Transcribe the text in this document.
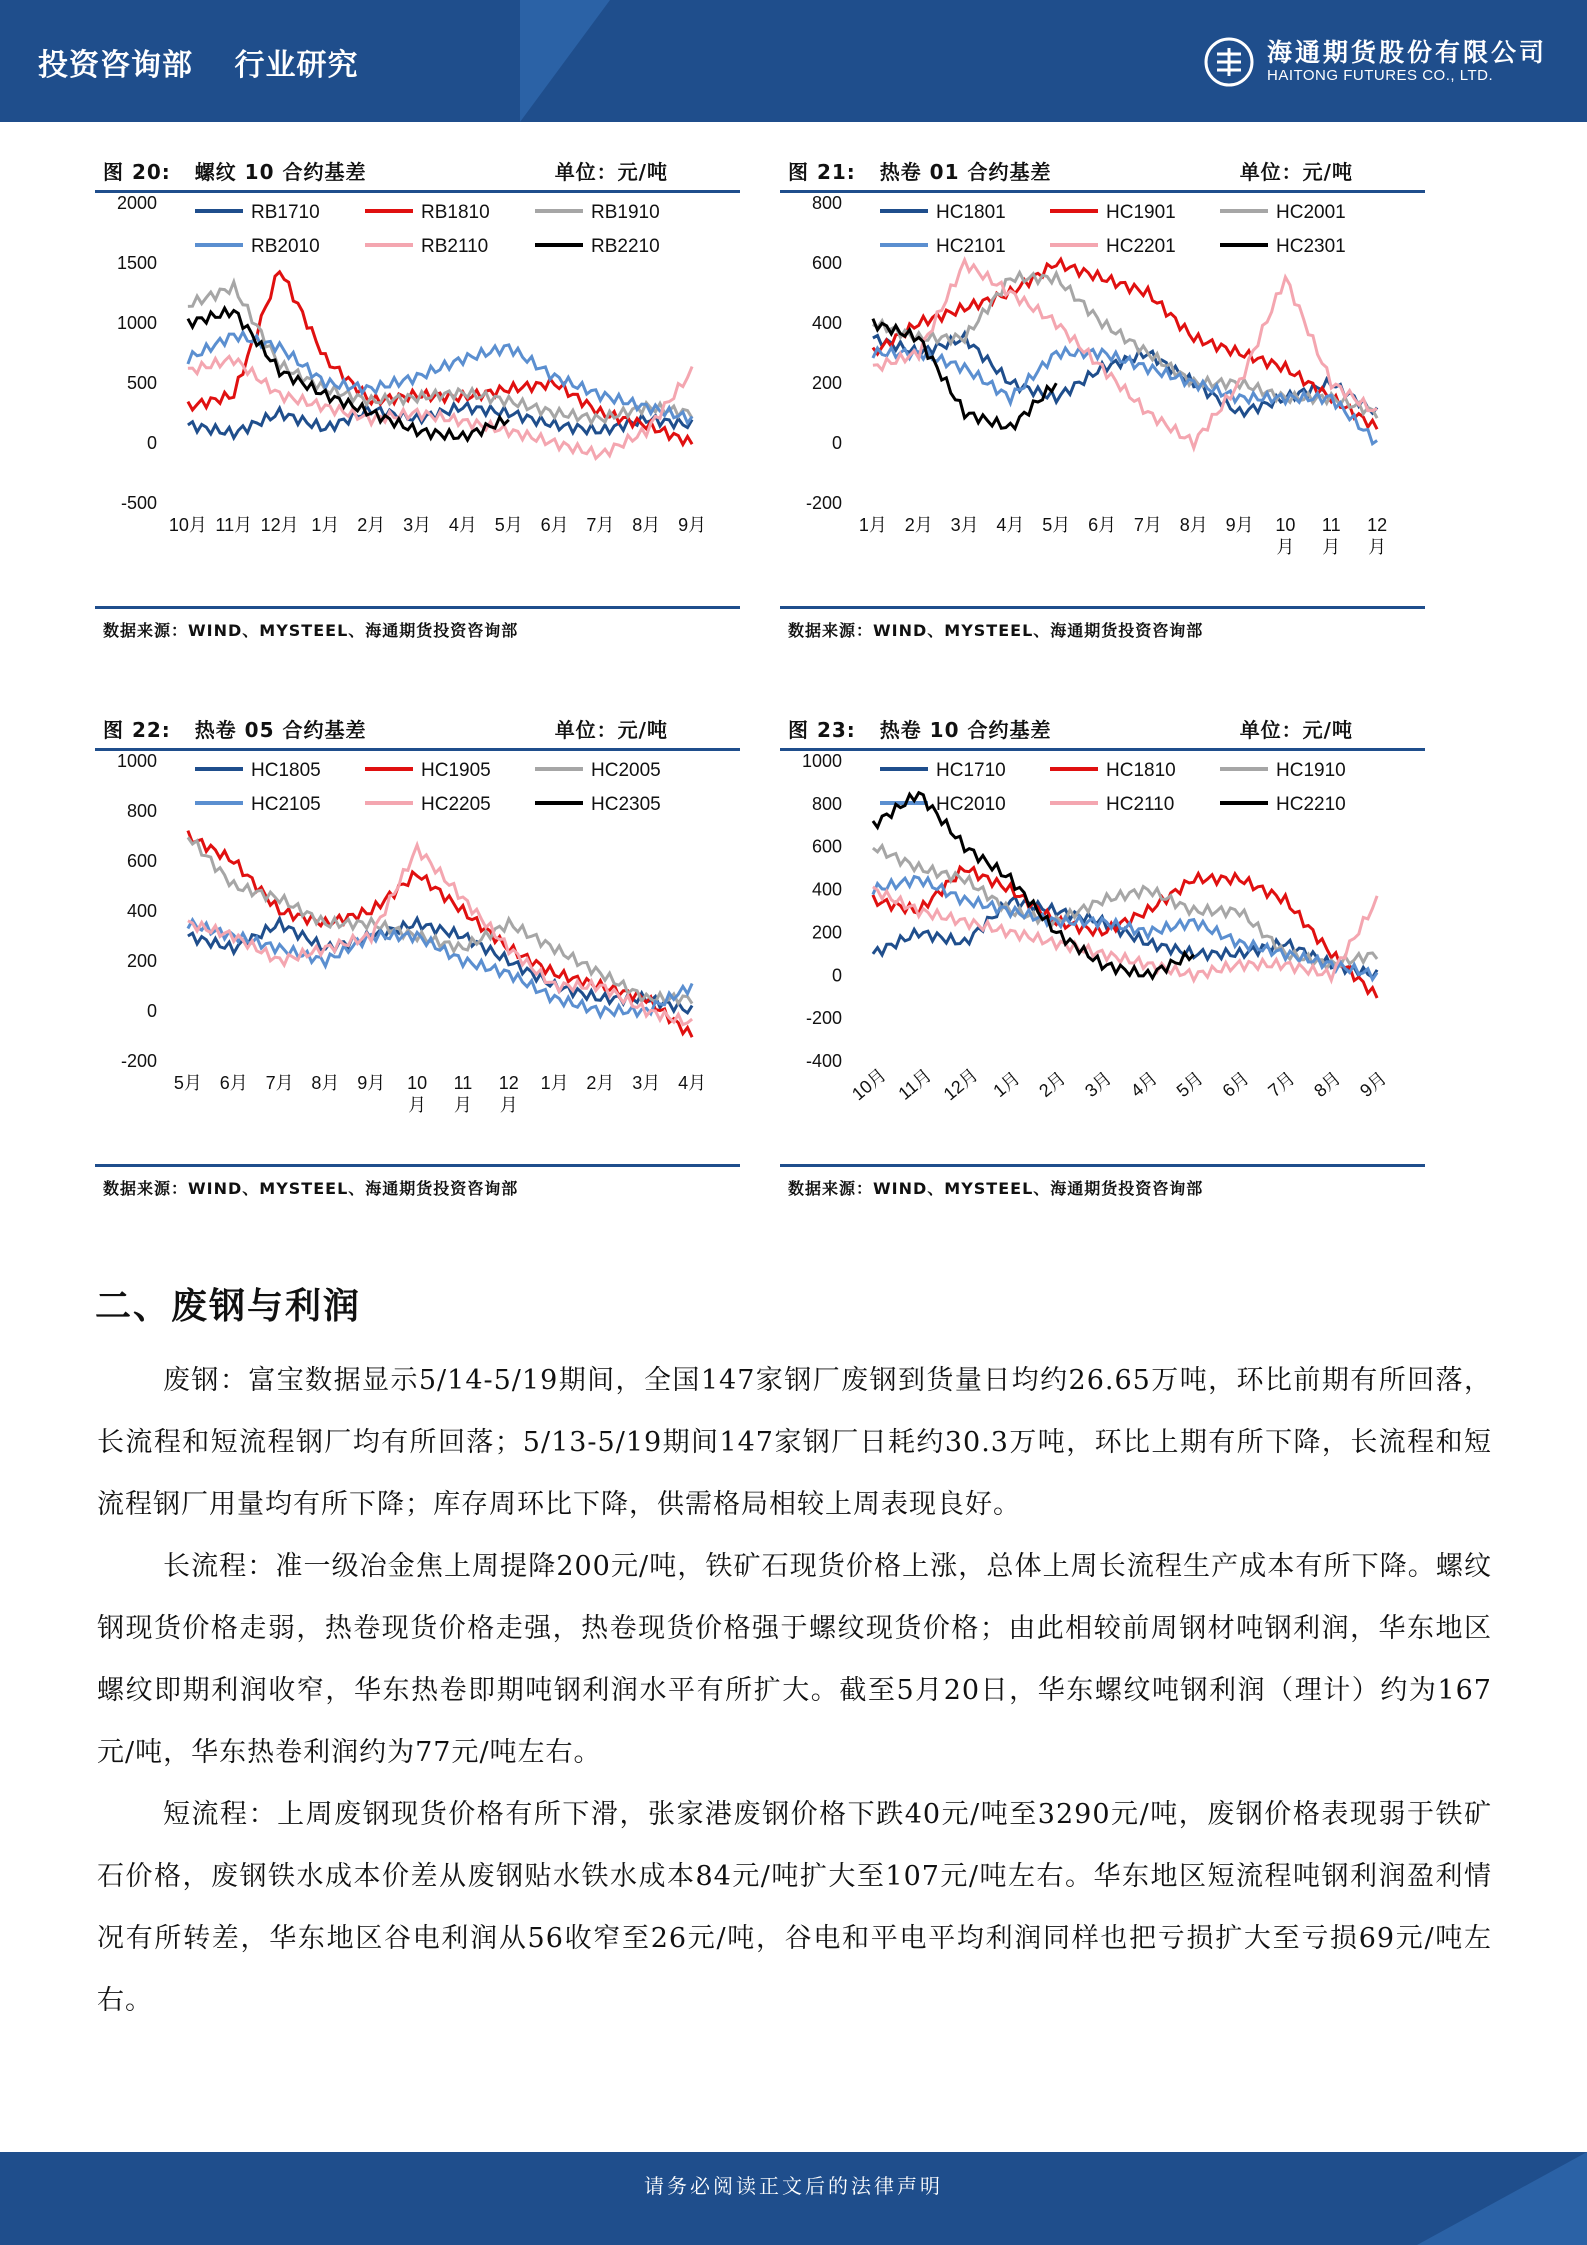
投资咨询部 行业研究	海通期货股份有限公司
HAITONG FUTURES CO., LTD.
图 20: 螺纹 10 合约基差	单位：元/吨
2000
1500
1000
500
0
-500
10月 11月 12月 1月 2月 3月 4月 5月 6月 7月 8月 9月
RB1710	RB1810	RB1910
RB2010	RB2110	RB2210
数据来源：WIND、MYSTEEL、海通期货投资咨询部
图 21: 热卷 01 合约基差	单位：元/吨
800
600
400
200
0
-200
1月 2月 3月 4月 5月 6月 7月 8月 9月 10 月
11 月
12 月
HC1801	HC1901	HC2001
HC2101	HC2201	HC2301
数据来源：WIND、MYSTEEL、海通期货投资咨询部
图 22: 热卷 05 合约基差	单位：元/吨
1000
800
600
400
200
0
-200
5月 6月 7月 8月 9月 10 月
11 月
12 月
1月 2月 3月 4月
HC1805	HC1905	HC2005
HC2105	HC2205	HC2305
数据来源：WIND、MYSTEEL、海通期货投资咨询部
图 23: 热卷 10 合约基差	单位：元/吨
1000
800
600
400
200
0
-200
-400
10月 11月 12月 1月 2月 3月 4月 5月 6月 7月 8月 9月
HC1710	HC1810	HC1910
HC2010	HC2110	HC2210
数据来源：WIND、MYSTEEL、海通期货投资咨询部
二、废钢与利润

废钢：富宝数据显示5/14-5/19期间，全国147家钢厂废钢到货量日均约26.65万吨，环比前期有所回落，长流程和短流程钢厂均有所回落；5/13-5/19期间147家钢厂日耗约30.3万吨，环比上期有所下降，长流程和短流程钢厂用量均有所下降；库存周环比下降，供需格局相较上周表现良好。

长流程：准一级冶金焦上周提降200元/吨，铁矿石现货价格上涨，总体上周长流程生产成本有所下降。螺纹钢现货价格走弱，热卷现货价格走强，热卷现货价格强于螺纹现货价格；由此相较前周钢材吨钢利润，华东地区螺纹即期利润收窄，华东热卷即期吨钢利润水平有所扩大。截至5月20日，华东螺纹吨钢利润（理计）约为167元/吨，华东热卷利润约为77元/吨左右。

短流程：上周废钢现货价格有所下滑，张家港废钢价格下跌40元/吨至3290元/吨，废钢价格表现弱于铁矿石价格，废钢铁水成本价差从废钢贴水铁水成本84元/吨扩大至107元/吨左右。华东地区短流程吨钢利润盈利情况有所转差，华东地区谷电利润从56收窄至26元/吨，谷电和平电平均利润同样也把亏损扩大至亏损69元/吨左右。

请务必阅读正文后的法律声明
